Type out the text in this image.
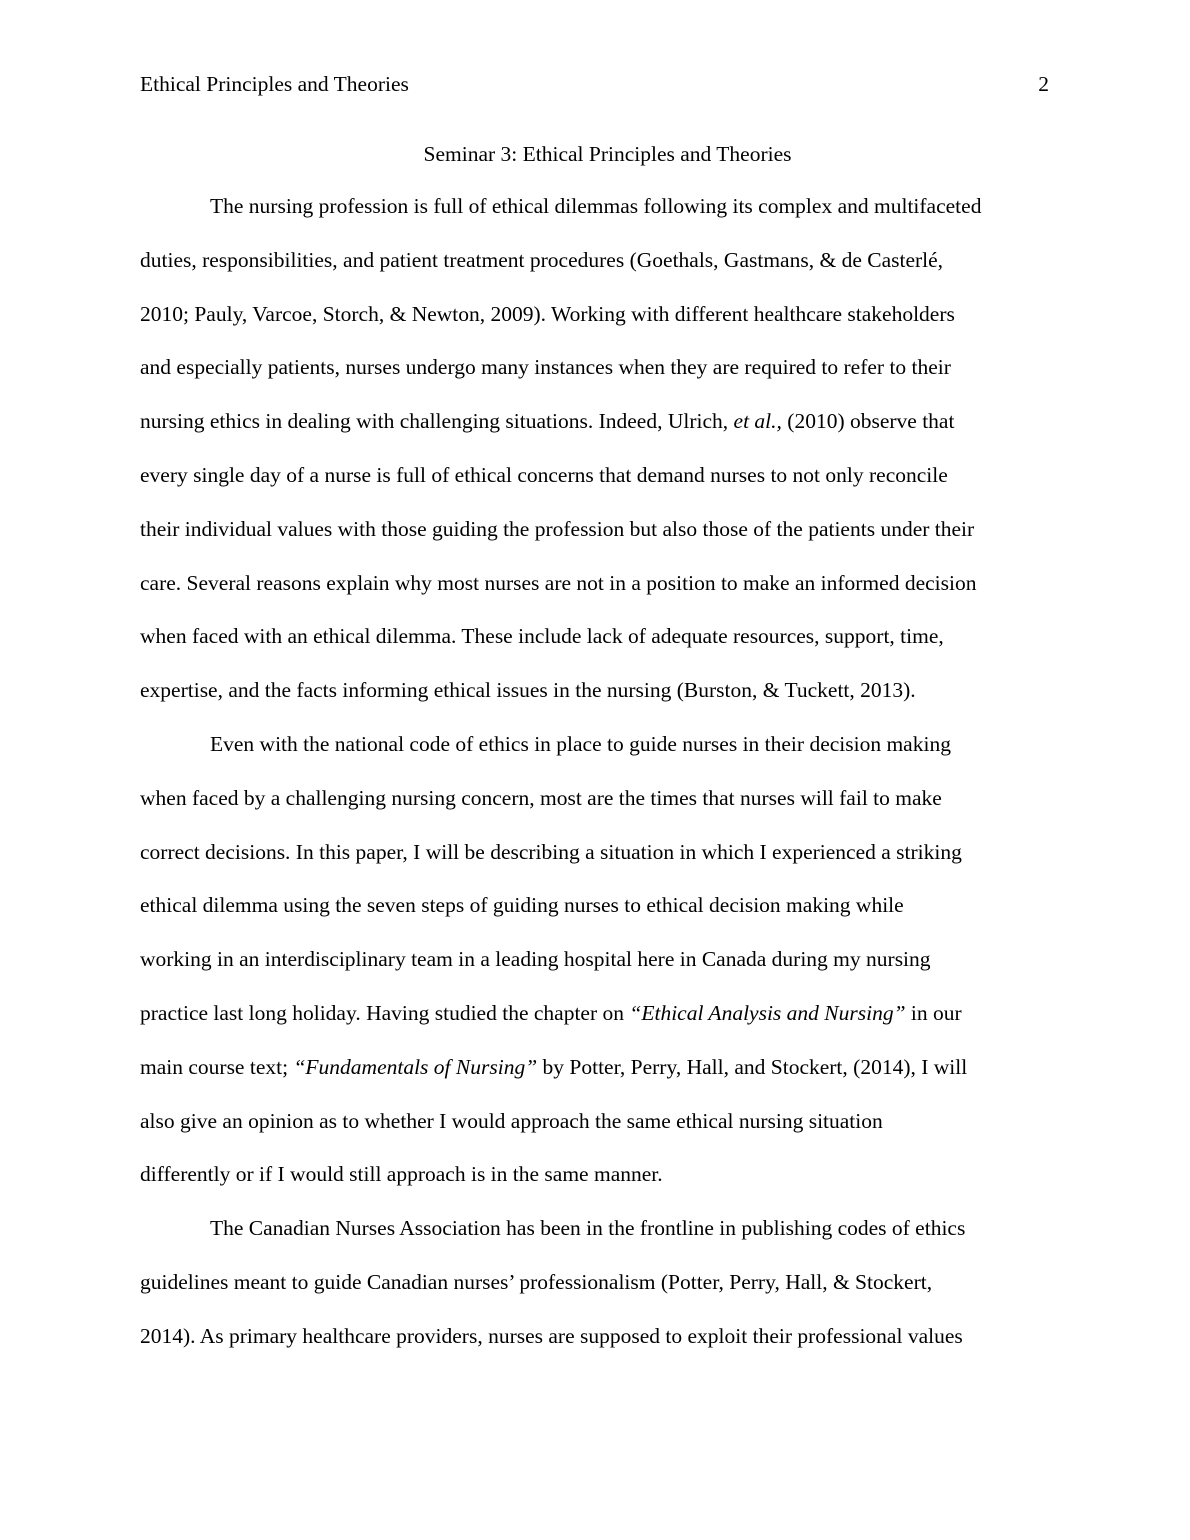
Ethical Principles and Theories	2
Seminar 3: Ethical Principles and Theories
The nursing profession is full of ethical dilemmas following its complex and multifaceted
duties, responsibilities, and patient treatment procedures (Goethals, Gastmans, & de Casterlé,
2010; Pauly, Varcoe, Storch, & Newton, 2009). Working with different healthcare stakeholders
and especially patients, nurses undergo many instances when they are required to refer to their
nursing ethics in dealing with challenging situations. Indeed, Ulrich, et al., (2010) observe that
every single day of a nurse is full of ethical concerns that demand nurses to not only reconcile
their individual values with those guiding the profession but also those of the patients under their
care. Several reasons explain why most nurses are not in a position to make an informed decision
when faced with an ethical dilemma. These include lack of adequate resources, support, time,
expertise, and the facts informing ethical issues in the nursing (Burston, & Tuckett, 2013).
Even with the national code of ethics in place to guide nurses in their decision making
when faced by a challenging nursing concern, most are the times that nurses will fail to make
correct decisions. In this paper, I will be describing a situation in which I experienced a striking
ethical dilemma using the seven steps of guiding nurses to ethical decision making while
working in an interdisciplinary team in a leading hospital here in Canada during my nursing
practice last long holiday. Having studied the chapter on “Ethical Analysis and Nursing” in our
main course text; “Fundamentals of Nursing” by Potter, Perry, Hall, and Stockert, (2014), I will
also give an opinion as to whether I would approach the same ethical nursing situation
differently or if I would still approach is in the same manner.
The Canadian Nurses Association has been in the frontline in publishing codes of ethics
guidelines meant to guide Canadian nurses’ professionalism (Potter, Perry, Hall, & Stockert,
2014). As primary healthcare providers, nurses are supposed to exploit their professional values
